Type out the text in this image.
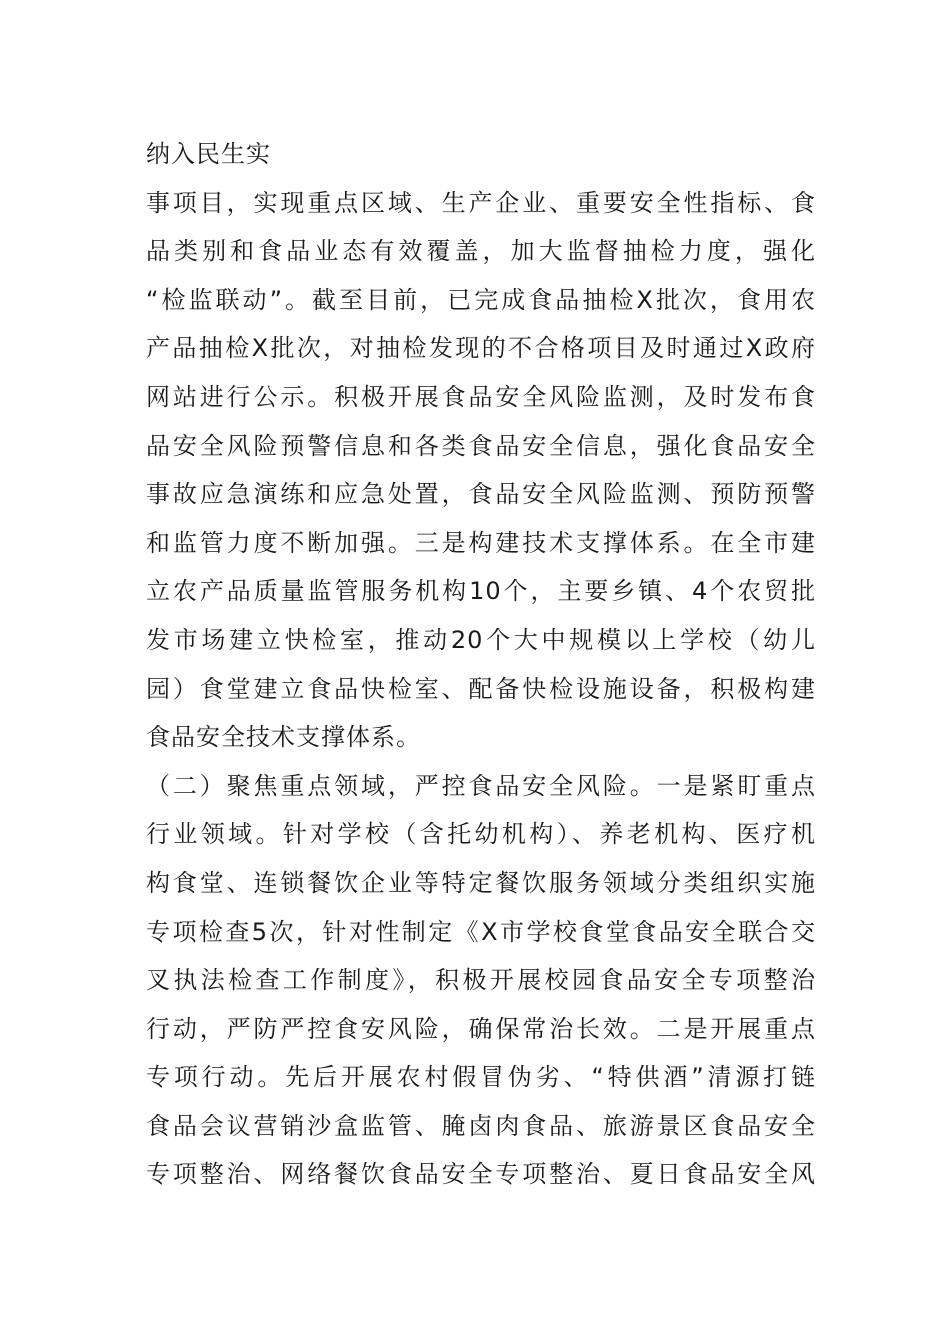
纳入民生实
事项目，实现重点区域、生产企业、重要安全性指标、食
品类别和食品业态有效覆盖，加大监督抽检力度，强化
“检监联动”。截至目前，已完成食品抽检X批次，食用农
产品抽检X批次，对抽检发现的不合格项目及时通过X政府
网站进行公示。积极开展食品安全风险监测，及时发布食
品安全风险预警信息和各类食品安全信息，强化食品安全
事故应急演练和应急处置，食品安全风险监测、预防预警
和监管力度不断加强。三是构建技术支撑体系。在全市建
立农产品质量监管服务机构10个，主要乡镇、4个农贸批
发市场建立快检室，推动20个大中规模以上学校（幼儿
园）食堂建立食品快检室、配备快检设施设备，积极构建
食品安全技术支撑体系。
（二）聚焦重点领域，严控食品安全风险。一是紧盯重点
行业领域。针对学校（含托幼机构）、养老机构、医疗机
构食堂、连锁餐饮企业等特定餐饮服务领域分类组织实施
专项检查5次，针对性制定《X市学校食堂食品安全联合交
叉执法检查工作制度》，积极开展校园食品安全专项整治
行动，严防严控食安风险，确保常治长效。二是开展重点
专项行动。先后开展农村假冒伪劣、“特供酒”清源打链
食品会议营销沙盒监管、腌卤肉食品、旅游景区食品安全
专项整治、网络餐饮食品安全专项整治、夏日食品安全风
